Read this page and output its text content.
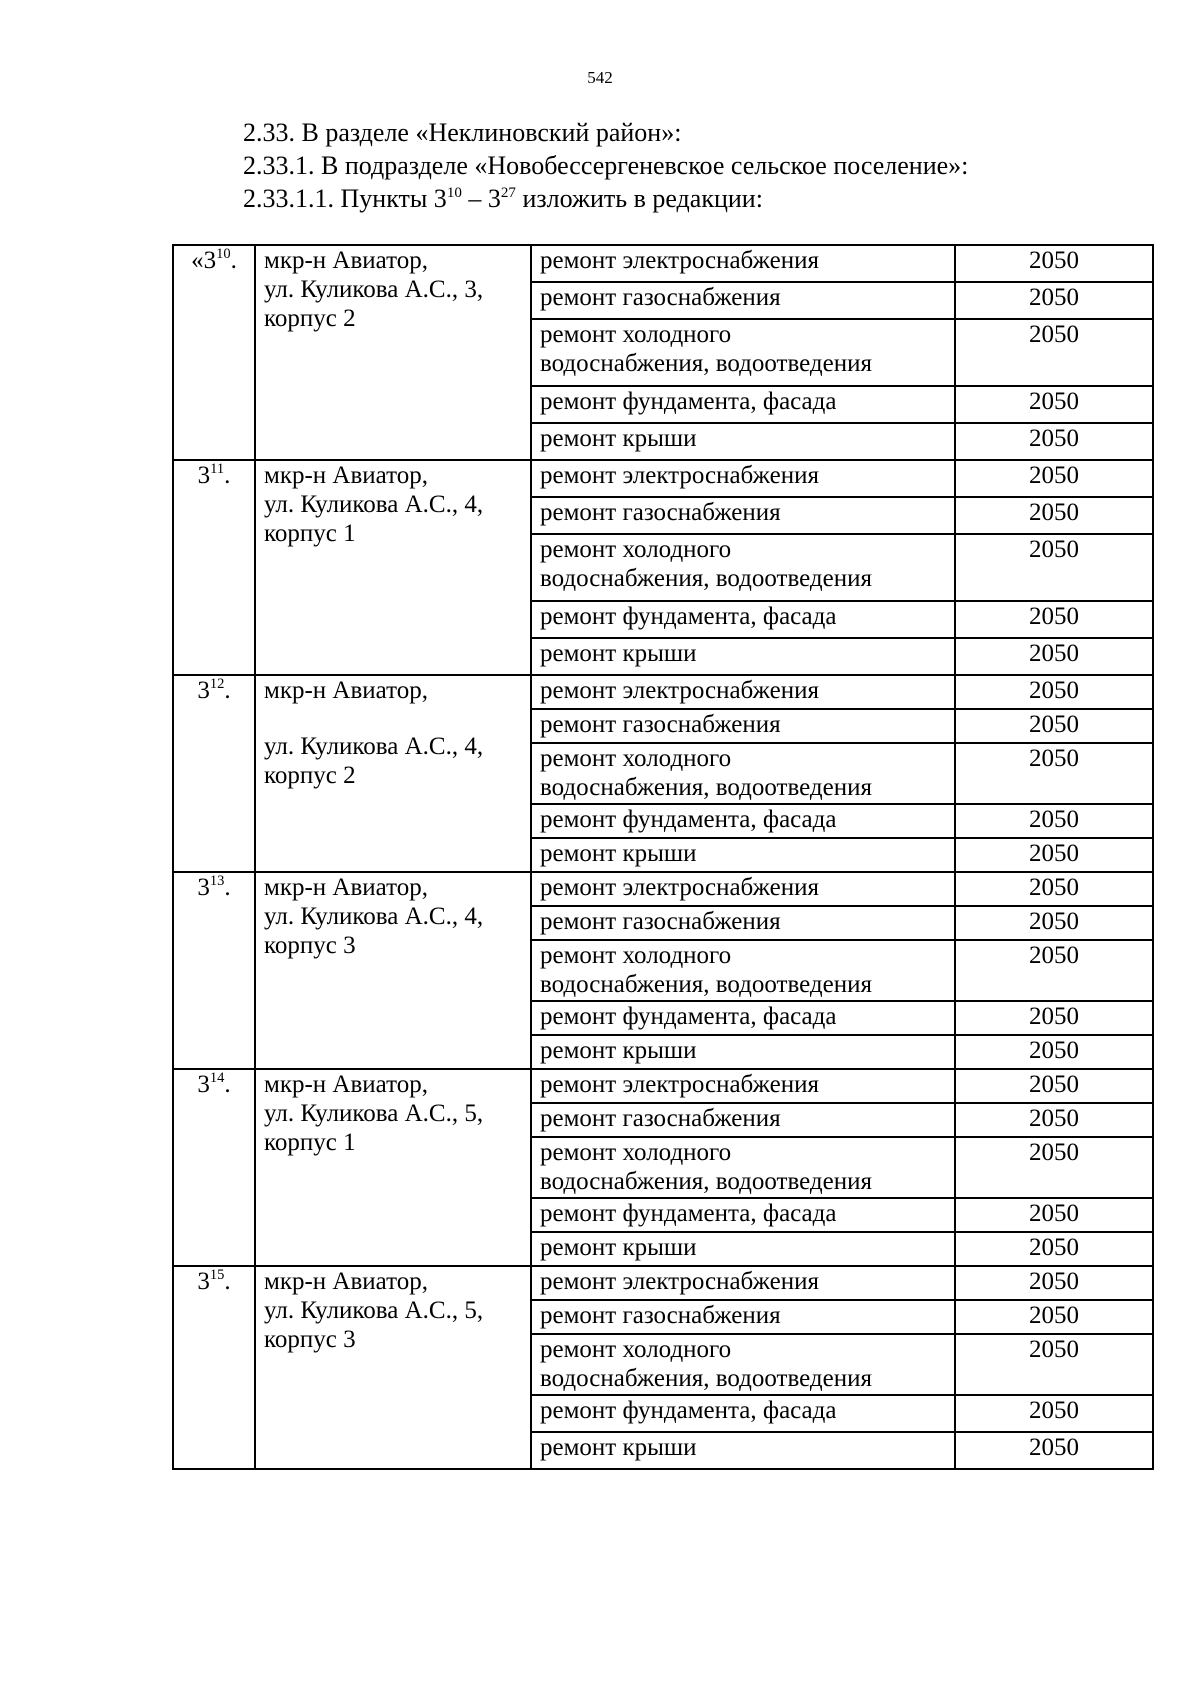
542
2.33. В разделе «Неклиновский район»:
2.33.1. В подразделе «Новобессергеневское сельское поселение»:
2.33.1.1. Пункты $3^{10} - 3^{27}$ изложить в редакции:
«$3^{10}$.	мкр-н Авиатор,
ул. Куликова А.С., 3,
корпус 2	ремонт электроснабжения	2050
		ремонт газоснабжения	2050
		ремонт холодного
водоснабжения, водоотведения	2050
		ремонт фундамента, фасада	2050
		ремонт крыши	2050
$3^{11}$.	мкр-н Авиатор,
ул. Куликова А.С., 4,
корпус 1	ремонт электроснабжения	2050
		ремонт газоснабжения	2050
		ремонт холодного
водоснабжения, водоотведения	2050
		ремонт фундамента, фасада	2050
		ремонт крыши	2050
$3^{12}$.	мкр-н Авиатор,
ул. Куликова А.С., 4,
корпус 2	ремонт электроснабжения	2050
		ремонт газоснабжения	2050
		ремонт холодного
водоснабжения, водоотведения	2050
		ремонт фундамента, фасада	2050
		ремонт крыши	2050
$3^{13}$.	мкр-н Авиатор,
ул. Куликова А.С., 4,
корпус 3	ремонт электроснабжения	2050
		ремонт газоснабжения	2050
		ремонт холодного
водоснабжения, водоотведения	2050
		ремонт фундамента, фасада	2050
		ремонт крыши	2050
$3^{14}$.	мкр-н Авиатор,
ул. Куликова А.С., 5,
корпус 1	ремонт электроснабжения	2050
		ремонт газоснабжения	2050
		ремонт холодного
водоснабжения, водоотведения	2050
		ремонт фундамента, фасада	2050
		ремонт крыши	2050
$3^{15}$.	мкр-н Авиатор,
ул. Куликова А.С., 5,
корпус 3	ремонт электроснабжения	2050
		ремонт газоснабжения	2050
		ремонт холодного
водоснабжения, водоотведения	2050
		ремонт фундамента, фасада	2050
		ремонт крыши	2050
